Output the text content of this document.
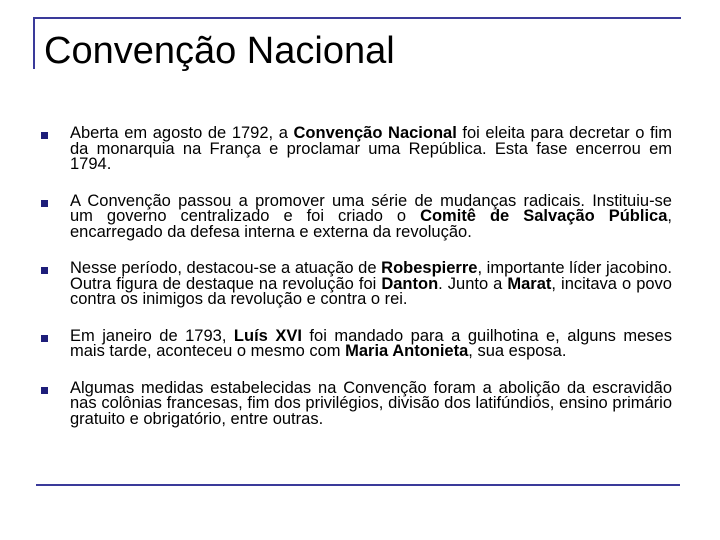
Convenção Nacional
Aberta em agosto de 1792, a Convenção Nacional foi eleita para decretar o fim da monarquia na França e proclamar uma República. Esta fase encerrou em 1794.
A Convenção passou a promover uma série de mudanças radicais. Instituiu-se um governo centralizado e foi criado o Comitê de Salvação Pública, encarregado da defesa interna e externa da revolução.
Nesse período, destacou-se a atuação de Robespierre, importante líder jacobino. Outra figura de destaque na revolução foi Danton. Junto a Marat, incitava o povo contra os inimigos da revolução e contra o rei.
Em janeiro de 1793, Luís XVI foi mandado para a guilhotina e, alguns meses mais tarde, aconteceu o mesmo com Maria Antonieta, sua esposa.
Algumas medidas estabelecidas na Convenção foram a abolição da escravidão nas colônias francesas, fim dos privilégios, divisão dos latifúndios, ensino primário gratuito e obrigatório, entre outras.
